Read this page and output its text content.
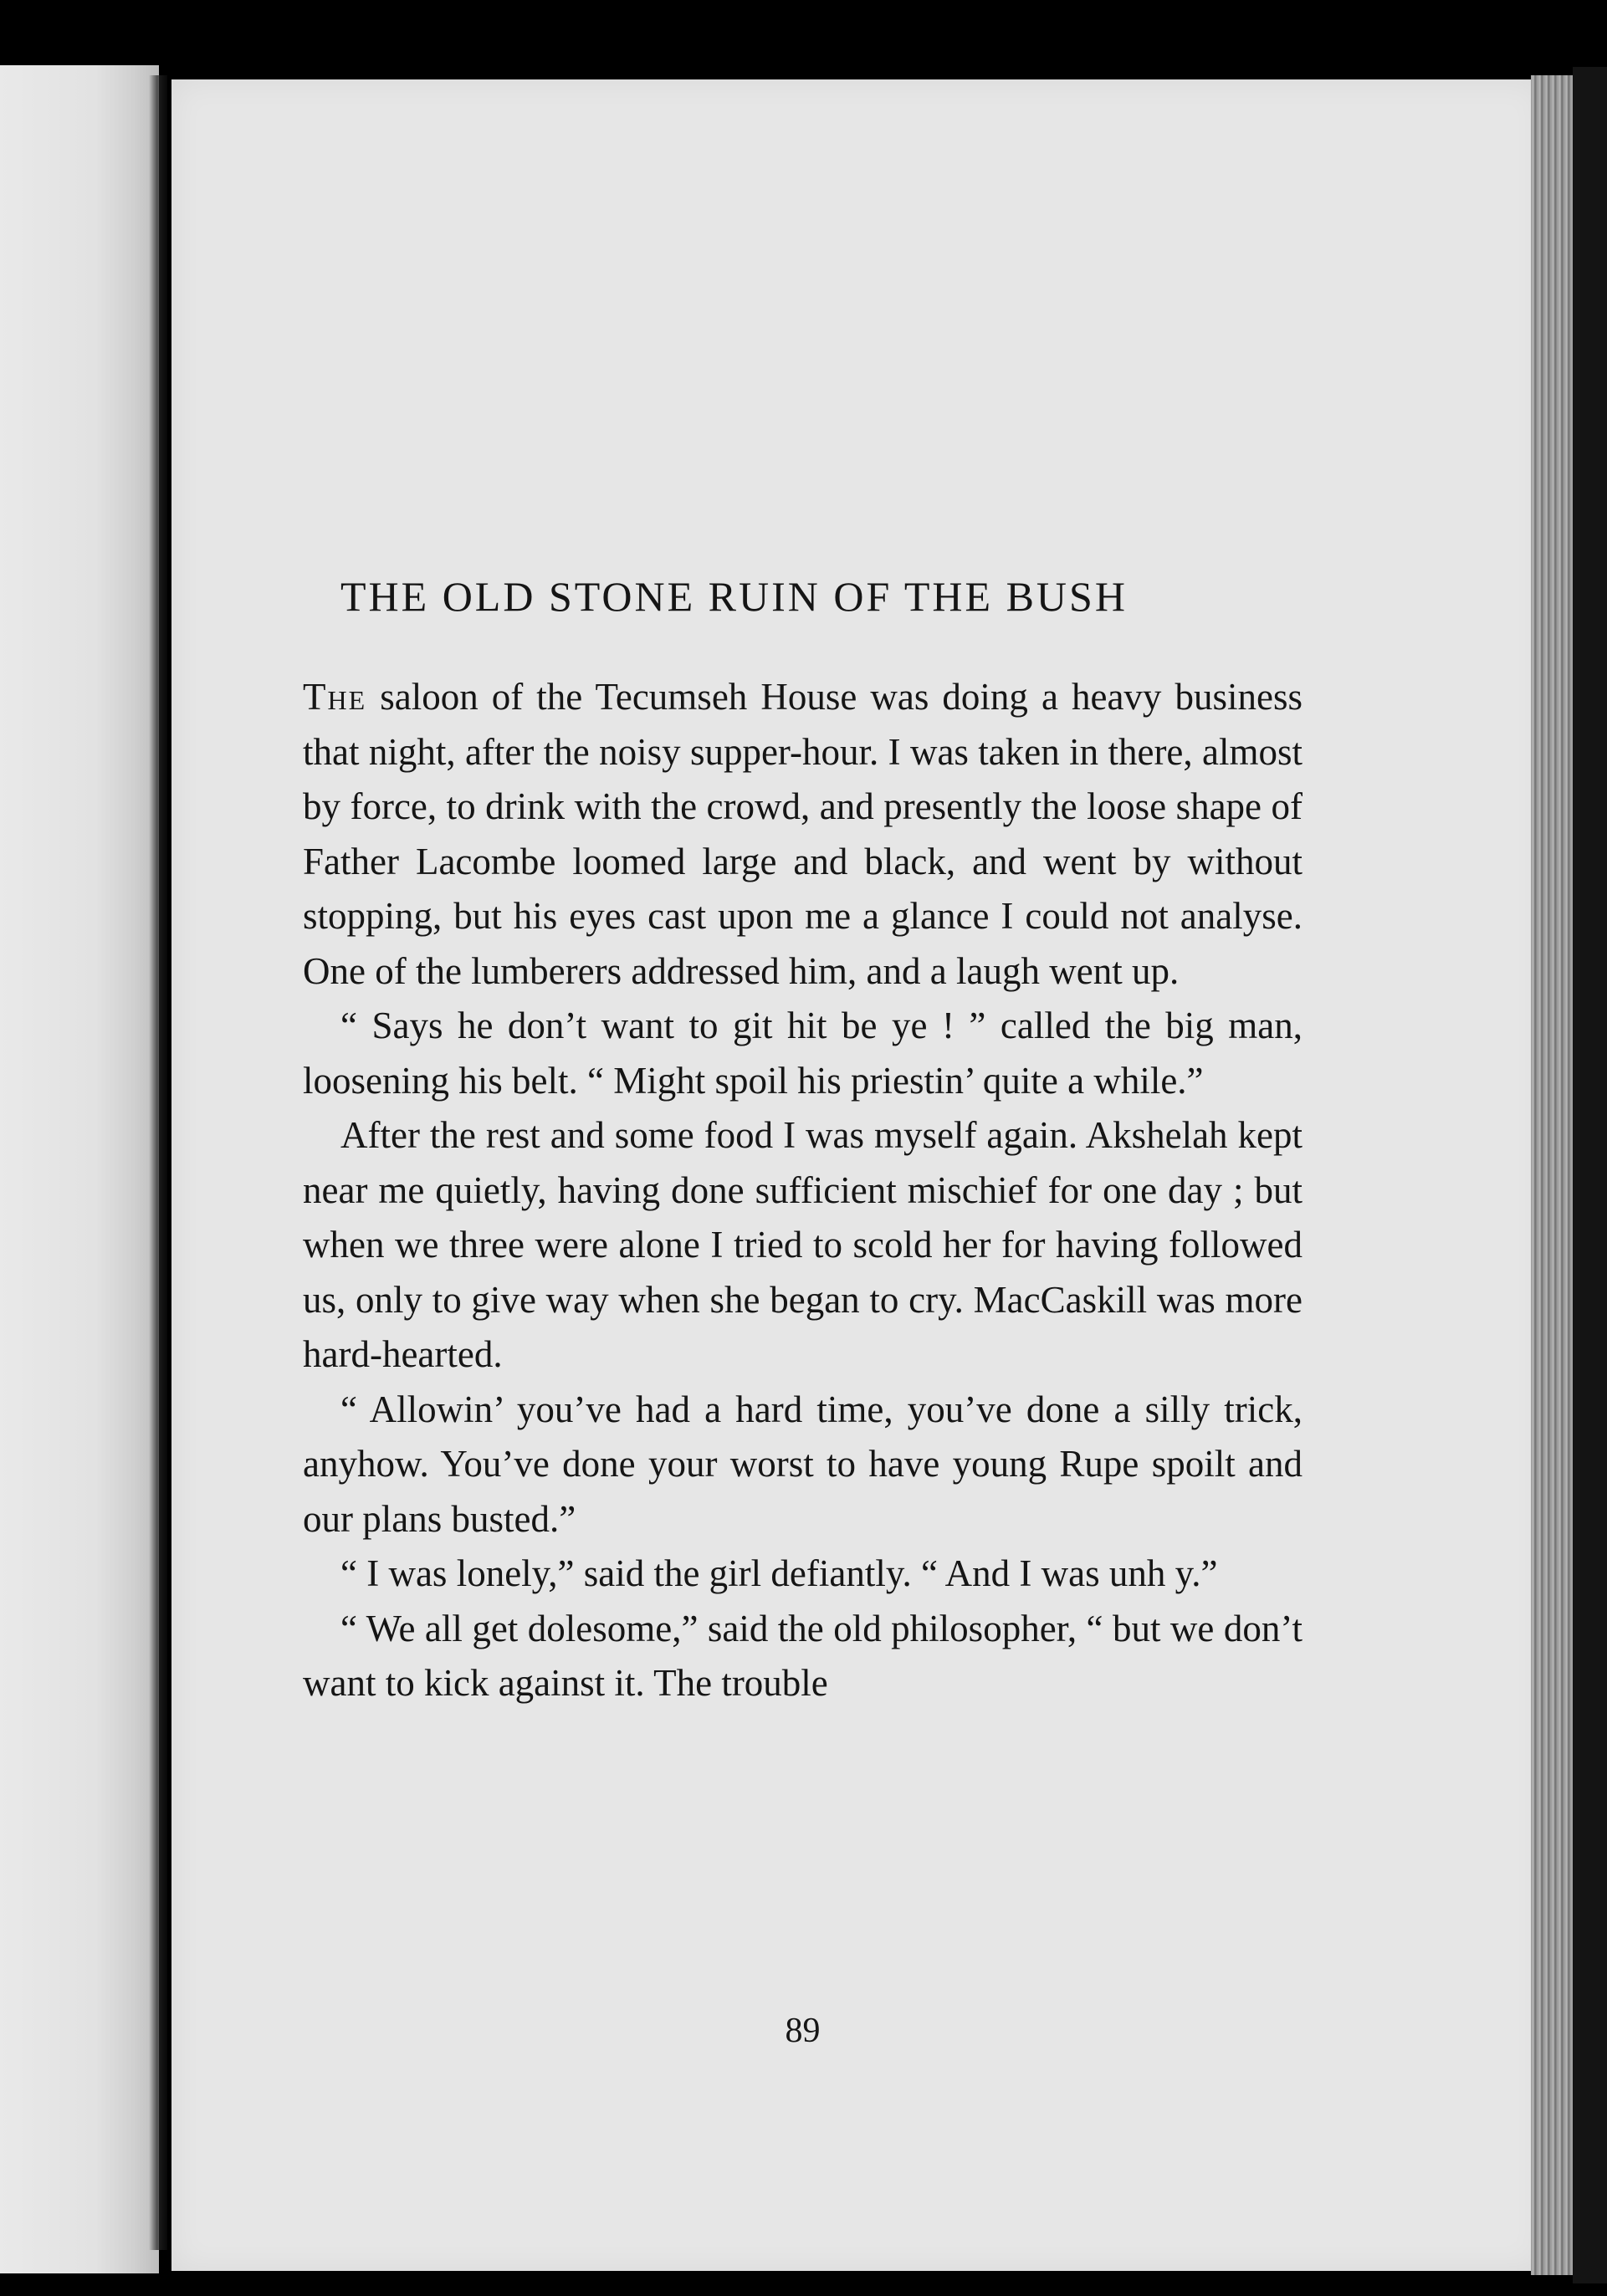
THE OLD STONE RUIN OF THE BUSH

The saloon of the Tecumseh House was doing a heavy business that night, after the noisy supper-hour. I was taken in there, almost by force, to drink with the crowd, and presently the loose shape of Father Lacombe loomed large and black, and went by without stopping, but his eyes cast upon me a glance I could not analyse. One of the lumberers addressed him, and a laugh went up.

“ Says he don’t want to git hit be ye ! ” called the big man, loosening his belt. “ Might spoil his priestin’ quite a while.”

After the rest and some food I was myself again. Akshelah kept near me quietly, having done sufficient mischief for one day ; but when we three were alone I tried to scold her for having followed us, only to give way when she began to cry. MacCaskill was more hard-hearted.

“ Allowin’ you’ve had a hard time, you’ve done a silly trick, anyhow. You’ve done your worst to have young Rupe spoilt and our plans busted.”

“ I was lonely,” said the girl defiantly. “ And I was unh y.”

“ We all get dolesome,” said the old philosopher, “ but we don’t want to kick against it. The trouble

89
